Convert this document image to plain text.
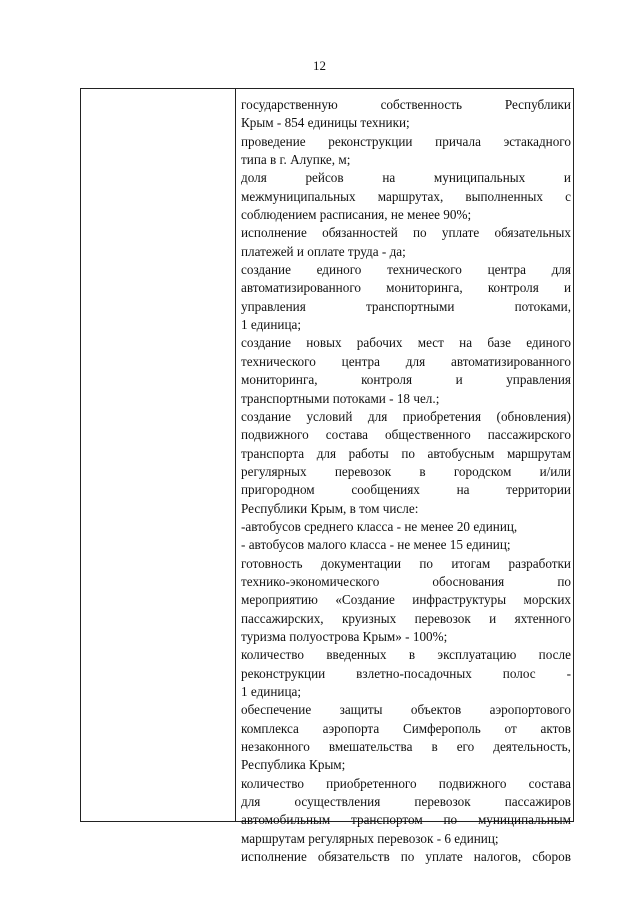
12
государственную	собственность	Республики
Крым - 854 единицы техники;
проведение реконструкции причала эстакадного
типа в г. Алупке, м;
доля	рейсов	на	муниципальных	и
межмуниципальных маршрутах, выполненных с
соблюдением расписания, не менее 90%;
исполнение обязанностей по уплате обязательных
платежей и оплате труда - да;
создание единого технического центра для
автоматизированного мониторинга, контроля и
управления	транспортными	потоками,
1 единица;
создание новых рабочих мест на базе единого
технического центра для автоматизированного
мониторинга,	контроля	и	управления
транспортными потоками - 18 чел.;
создание условий для приобретения (обновления)
подвижного состава общественного пассажирского
транспорта для работы по автобусным маршрутам
регулярных перевозок в городском и/или
пригородном	сообщениях	на	территории
Республики Крым, в том числе:
-автобусов среднего класса - не менее 20 единиц,
- автобусов малого класса - не менее 15 единиц;
готовность документации по итогам разработки
технико-экономического	обоснования	по
мероприятию «Создание инфраструктуры морских
пассажирских, круизных перевозок и яхтенного
туризма полуострова Крым» - 100%;
количество введенных в эксплуатацию после
реконструкции взлетно-посадочных полос -
1 единица;
обеспечение защиты объектов аэропортового
комплекса аэропорта Симферополь от актов
незаконного вмешательства в его деятельность,
Республика Крым;
количество приобретенного подвижного состава
для	осуществления	перевозок	пассажиров
автомобильным транспортом по муниципальным
маршрутам регулярных перевозок - 6 единиц;
исполнение обязательств по уплате налогов, сборов
